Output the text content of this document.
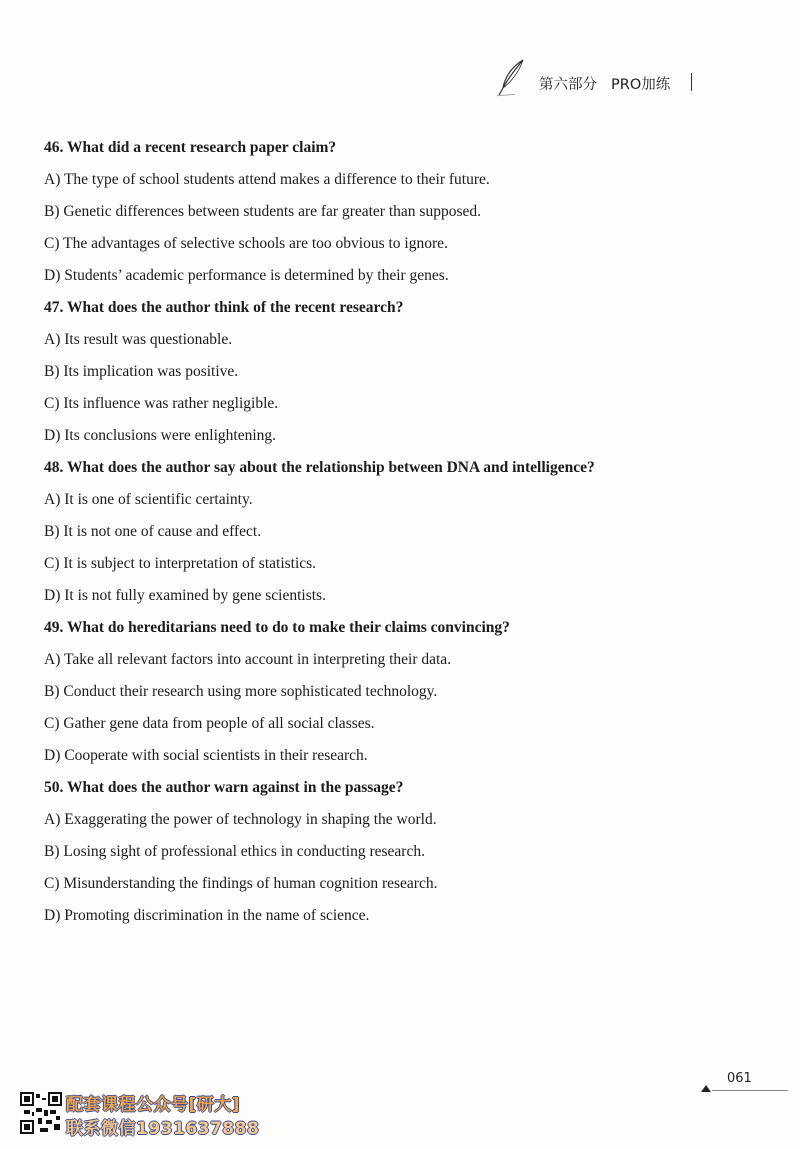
第六部分 PRO加练
46. What did a recent research paper claim?
A) The type of school students attend makes a difference to their future.
B) Genetic differences between students are far greater than supposed.
C) The advantages of selective schools are too obvious to ignore.
D) Students’ academic performance is determined by their genes.
47. What does the author think of the recent research?
A) Its result was questionable.
B) Its implication was positive.
C) Its influence was rather negligible.
D) Its conclusions were enlightening.
48. What does the author say about the relationship between DNA and intelligence?
A) It is one of scientific certainty.
B) It is not one of cause and effect.
C) It is subject to interpretation of statistics.
D) It is not fully examined by gene scientists.
49. What do hereditarians need to do to make their claims convincing?
A) Take all relevant factors into account in interpreting their data.
B) Conduct their research using more sophisticated technology.
C) Gather gene data from people of all social classes.
D) Cooperate with social scientists in their research.
50. What does the author warn against in the passage?
A) Exaggerating the power of technology in shaping the world.
B) Losing sight of professional ethics in conducting research.
C) Misunderstanding the findings of human cognition research.
D) Promoting discrimination in the name of science.
配套课程公众号[研大]
联系微信1931637888
061
